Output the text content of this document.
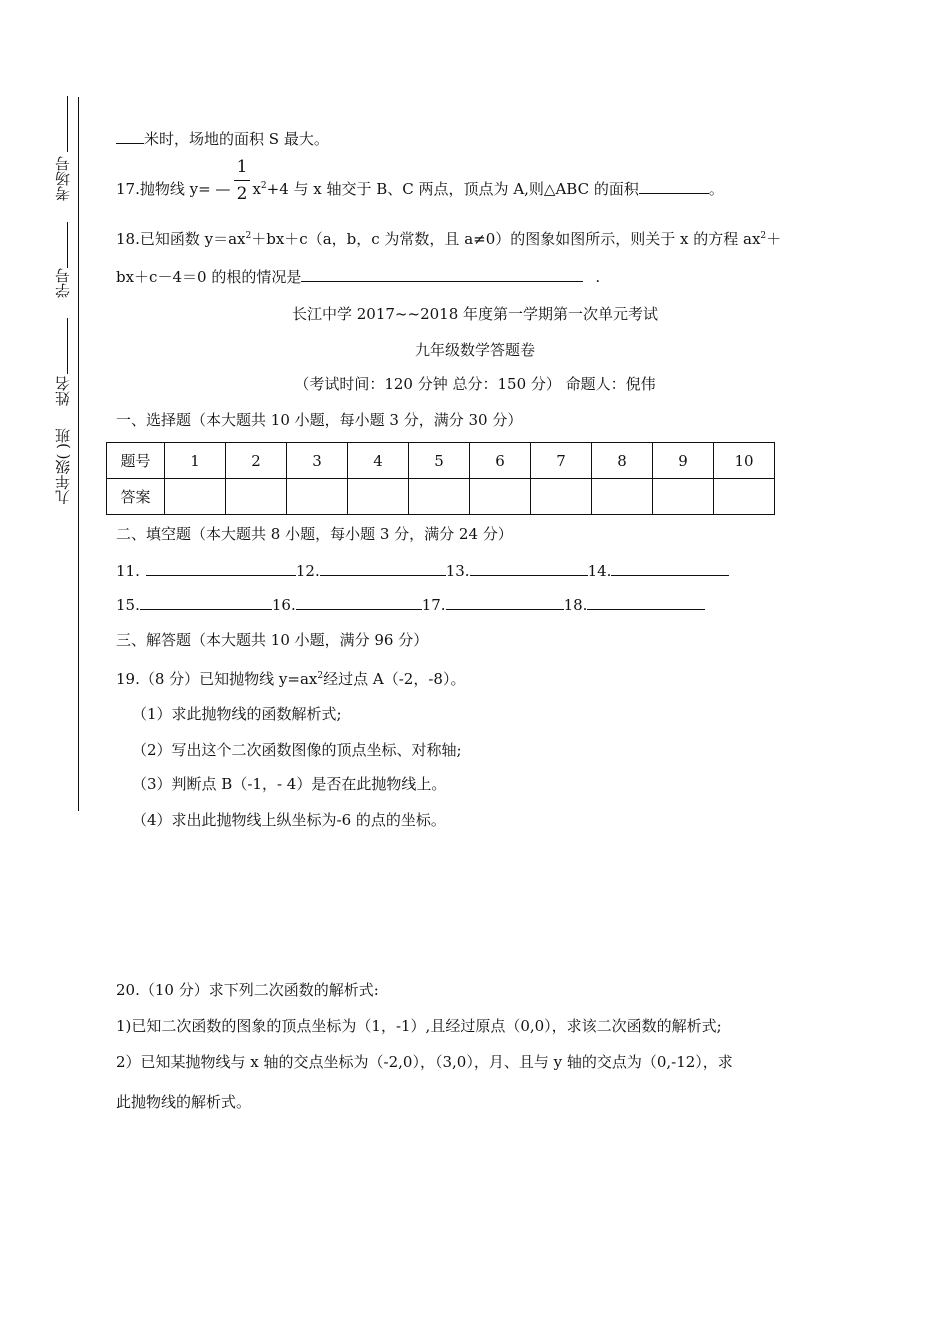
考场号
学号
姓名
九年级( )班
米时，场地的面积 S 最大。
17.抛物线 y= — $x^2+4$ 与 x 轴交于 B、C 两点，顶点为 A,则△ABC 的面积	。
1
2
18.已知函数 $y=ax^2+bx+c(a$，b，c 为常数，且 a≠0）的图象如图所示，则关于 x 的方程 $ax^2+$
bx＋c－4＝0 的根的情况是	.
长江中学 2017~~2018 年度第一学期第一次单元考试
九年级数学答题卷
（考试时间：120 分钟 总分：150 分） 命题人：倪伟
一、选择题（本大题共 10 小题，每小题 3 分，满分 30 分）
题号	1	2	3	4	5	6	7	8	9	10
答案										
二、填空题（本大题共 8 小题，每小题 3 分，满分 24 分）
11.	12.	13.	14.
15.	16.	17.	18.
三、解答题（本大题共 10 小题，满分 96 分）
19.（8 分）已知抛物线 $y=ax^2$经过点 A（-2，-8）。
（1）求此抛物线的函数解析式;
（2）写出这个二次函数图像的顶点坐标、对称轴;
（3）判断点 B（-1，- 4）是否在此抛物线上。
（4）求出此抛物线上纵坐标为-6 的点的坐标。
20.（10 分）求下列二次函数的解析式:
1)已知二次函数的图象的顶点坐标为（1，-1）,且经过原点（0,0），求该二次函数的解析式;
2）已知某抛物线与 x 轴的交点坐标为（-2,0），（3,0），月、且与 y 轴的交点为（0,-12），求
此抛物线的解析式。
